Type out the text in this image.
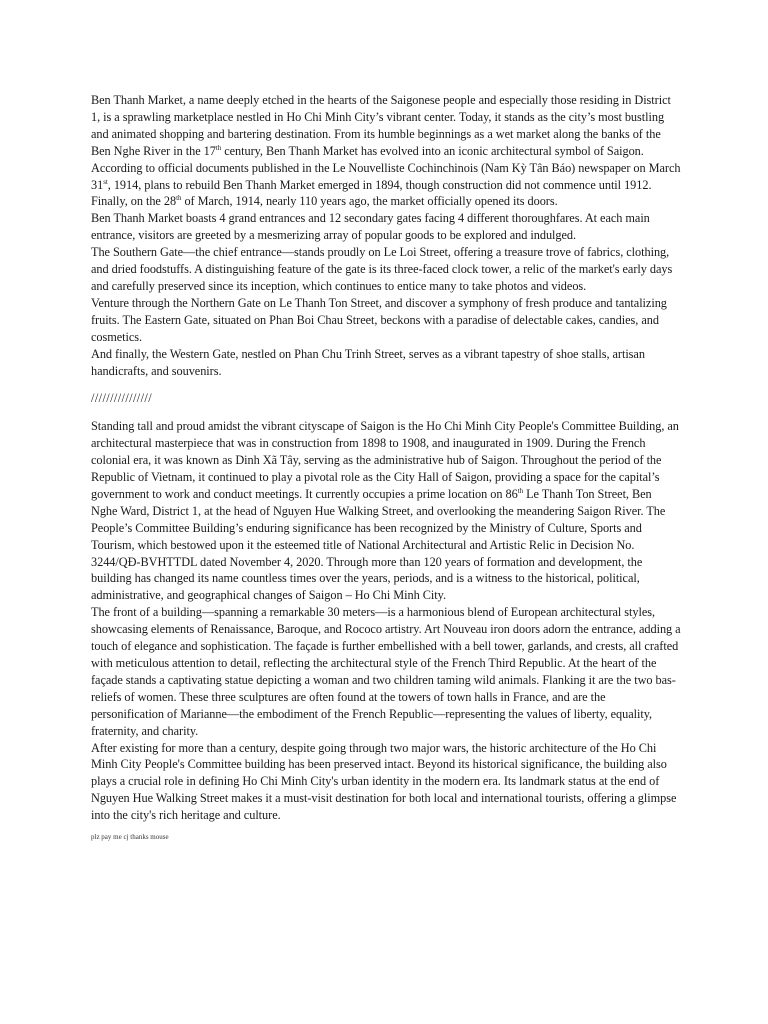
Ben Thanh Market, a name deeply etched in the hearts of the Saigonese people and especially those residing in District 1, is a sprawling marketplace nestled in Ho Chi Minh City’s vibrant center. Today, it stands as the city’s most bustling and animated shopping and bartering destination. From its humble beginnings as a wet market along the banks of the Ben Nghe River in the 17th century, Ben Thanh Market has evolved into an iconic architectural symbol of Saigon. According to official documents published in the Le Nouvelliste Cochinchinois (Nam Kỳ Tân Báo) newspaper on March 31st, 1914, plans to rebuild Ben Thanh Market emerged in 1894, though construction did not commence until 1912. Finally, on the 28th of March, 1914, nearly 110 years ago, the market officially opened its doors.

Ben Thanh Market boasts 4 grand entrances and 12 secondary gates facing 4 different thoroughfares. At each main entrance, visitors are greeted by a mesmerizing array of popular goods to be explored and indulged.

The Southern Gate—the chief entrance—stands proudly on Le Loi Street, offering a treasure trove of fabrics, clothing, and dried foodstuffs. A distinguishing feature of the gate is its three-faced clock tower, a relic of the market's early days and carefully preserved since its inception, which continues to entice many to take photos and videos.

Venture through the Northern Gate on Le Thanh Ton Street, and discover a symphony of fresh produce and tantalizing fruits. The Eastern Gate, situated on Phan Boi Chau Street, beckons with a paradise of delectable cakes, candies, and cosmetics.

And finally, the Western Gate, nestled on Phan Chu Trinh Street, serves as a vibrant tapestry of shoe stalls, artisan handicrafts, and souvenirs.

////////////////

Standing tall and proud amidst the vibrant cityscape of Saigon is the Ho Chi Minh City People's Committee Building, an architectural masterpiece that was in construction from 1898 to 1908, and inaugurated in 1909. During the French colonial era, it was known as Dinh Xã Tây, serving as the administrative hub of Saigon. Throughout the period of the Republic of Vietnam, it continued to play a pivotal role as the City Hall of Saigon, providing a space for the capital’s government to work and conduct meetings. It currently occupies a prime location on 86th Le Thanh Ton Street, Ben Nghe Ward, District 1, at the head of Nguyen Hue Walking Street, and overlooking the meandering Saigon River. The People’s Committee Building’s enduring significance has been recognized by the Ministry of Culture, Sports and Tourism, which bestowed upon it the esteemed title of National Architectural and Artistic Relic in Decision No. 3244/QĐ-BVHTTDL dated November 4, 2020. Through more than 120 years of formation and development, the building has changed its name countless times over the years, periods, and is a witness to the historical, political, administrative, and geographical changes of Saigon – Ho Chi Minh City.

The front of a building—spanning a remarkable 30 meters—is a harmonious blend of European architectural styles, showcasing elements of Renaissance, Baroque, and Rococo artistry. Art Nouveau iron doors adorn the entrance, adding a touch of elegance and sophistication. The façade is further embellished with a bell tower, garlands, and crests, all crafted with meticulous attention to detail, reflecting the architectural style of the French Third Republic. At the heart of the façade stands a captivating statue depicting a woman and two children taming wild animals. Flanking it are the two bas-reliefs of women. These three sculptures are often found at the towers of town halls in France, and are the personification of Marianne—the embodiment of the French Republic—representing the values of liberty, equality, fraternity, and charity.

After existing for more than a century, despite going through two major wars, the historic architecture of the Ho Chi Minh City People's Committee building has been preserved intact. Beyond its historical significance, the building also plays a crucial role in defining Ho Chi Minh City's urban identity in the modern era. Its landmark status at the end of Nguyen Hue Walking Street makes it a must-visit destination for both local and international tourists, offering a glimpse into the city's rich heritage and culture.

plz pay me cj thanks mouse
